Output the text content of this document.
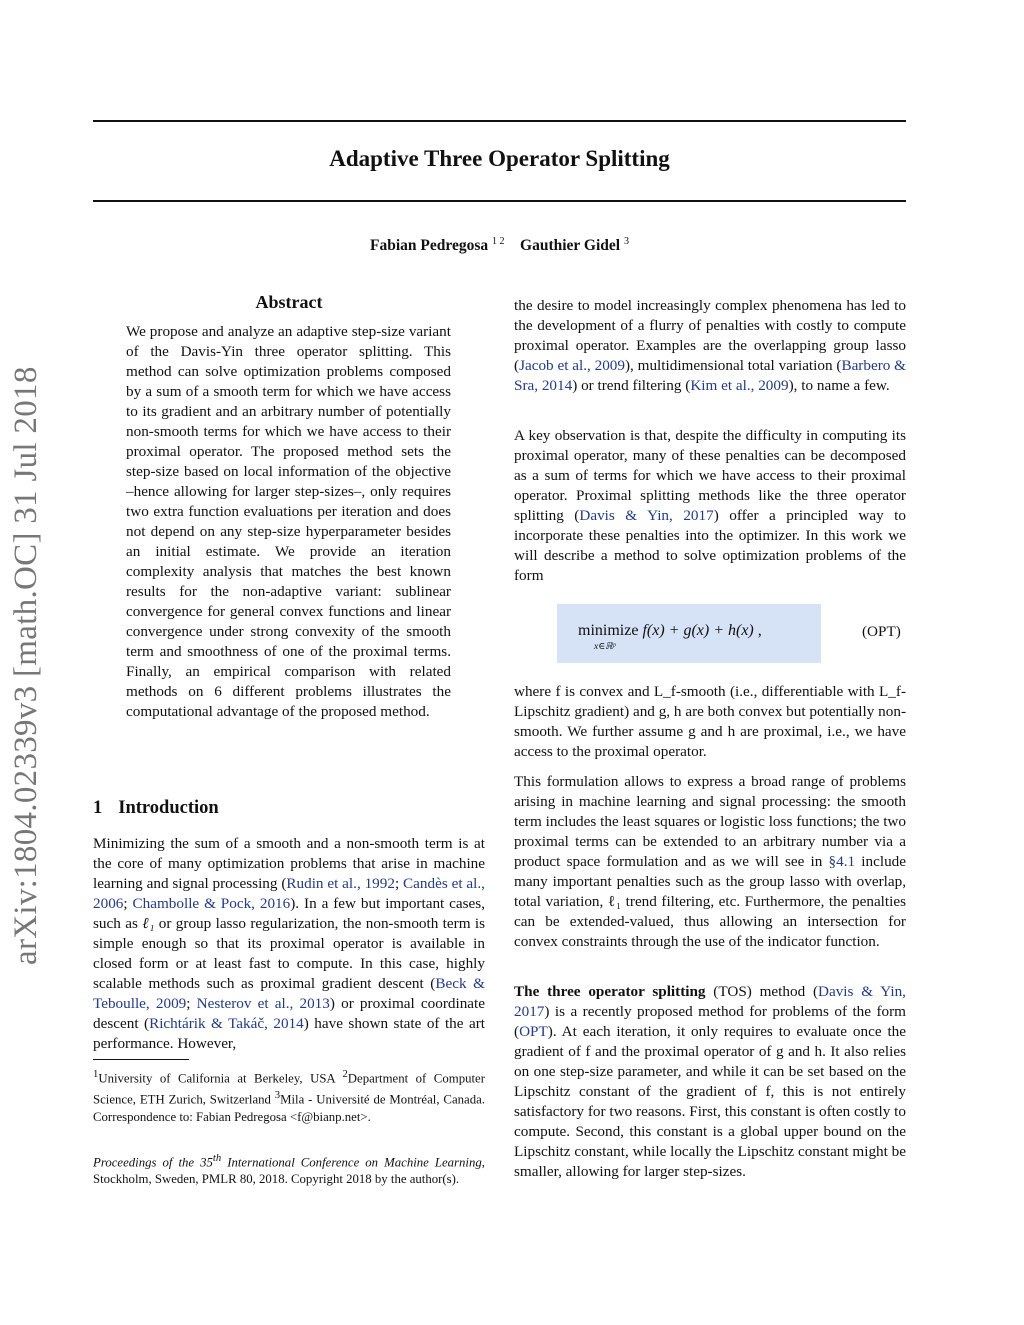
arXiv:1804.02339v3 [math.OC] 31 Jul 2018
Adaptive Three Operator Splitting
Fabian Pedregosa $^{1 2}$ Gauthier Gidel $^3$
Abstract

We propose and analyze an adaptive step-size variant of the Davis-Yin three operator splitting. This method can solve optimization problems composed by a sum of a smooth term for which we have access to its gradient and an arbitrary number of potentially non-smooth terms for which we have access to their proximal operator. The proposed method sets the step-size based on local information of the objective –hence allowing for larger step-sizes–, only requires two extra function evaluations per iteration and does not depend on any step-size hyperparameter besides an initial estimate. We provide an iteration complexity analysis that matches the best known results for the non-adaptive variant: sublinear convergence for general convex functions and linear convergence under strong convexity of the smooth term and smoothness of one of the proximal terms. Finally, an empirical comparison with related methods on 6 different problems illustrates the computational advantage of the proposed method.

1 Introduction

Minimizing the sum of a smooth and a non-smooth term is at the core of many optimization problems that arise in machine learning and signal processing (Rudin et al., 1992; Candès et al., 2006; Chambolle & Pock, 2016). In a few but important cases, such as ℓ₁ or group lasso regularization, the non-smooth term is simple enough so that its proximal operator is available in closed form or at least fast to compute. In this case, highly scalable methods such as proximal gradient descent (Beck & Teboulle, 2009; Nesterov et al., 2013) or proximal coordinate descent (Richtárik & Takáč, 2014) have shown state of the art performance. However,

$^1$University of California at Berkeley, USA $^2$Department of Computer Science, ETH Zurich, Switzerland $^3$Mila - Université de Montréal, Canada. Correspondence to: Fabian Pedregosa <f@bianp.net>.

Proceedings of the 35th International Conference on Machine Learning, Stockholm, Sweden, PMLR 80, 2018. Copyright 2018 by the author(s).

the desire to model increasingly complex phenomena has led to the development of a flurry of penalties with costly to compute proximal operator. Examples are the overlapping group lasso (Jacob et al., 2009), multidimensional total variation (Barbero & Sra, 2014) or trend filtering (Kim et al., 2009), to name a few.

A key observation is that, despite the difficulty in computing its proximal operator, many of these penalties can be decomposed as a sum of terms for which we have access to their proximal operator. Proximal splitting methods like the three operator splitting (Davis & Yin, 2017) offer a principled way to incorporate these penalties into the optimizer. In this work we will describe a method to solve optimization problems of the form

minimize f(x) + g(x) + h(x) ,
x∈ℝᵖ
(OPT)

where f is convex and L_f-smooth (i.e., differentiable with L_f-Lipschitz gradient) and g, h are both convex but potentially non-smooth. We further assume g and h are proximal, i.e., we have access to the proximal operator.

This formulation allows to express a broad range of problems arising in machine learning and signal processing: the smooth term includes the least squares or logistic loss functions; the two proximal terms can be extended to an arbitrary number via a product space formulation and as we will see in §4.1 include many important penalties such as the group lasso with overlap, total variation, ℓ₁ trend filtering, etc. Furthermore, the penalties can be extended-valued, thus allowing an intersection for convex constraints through the use of the indicator function.

The three operator splitting (TOS) method (Davis & Yin, 2017) is a recently proposed method for problems of the form (OPT). At each iteration, it only requires to evaluate once the gradient of f and the proximal operator of g and h. It also relies on one step-size parameter, and while it can be set based on the Lipschitz constant of the gradient of f, this is not entirely satisfactory for two reasons. First, this constant is often costly to compute. Second, this constant is a global upper bound on the Lipschitz constant, while locally the Lipschitz constant might be smaller, allowing for larger step-sizes.
